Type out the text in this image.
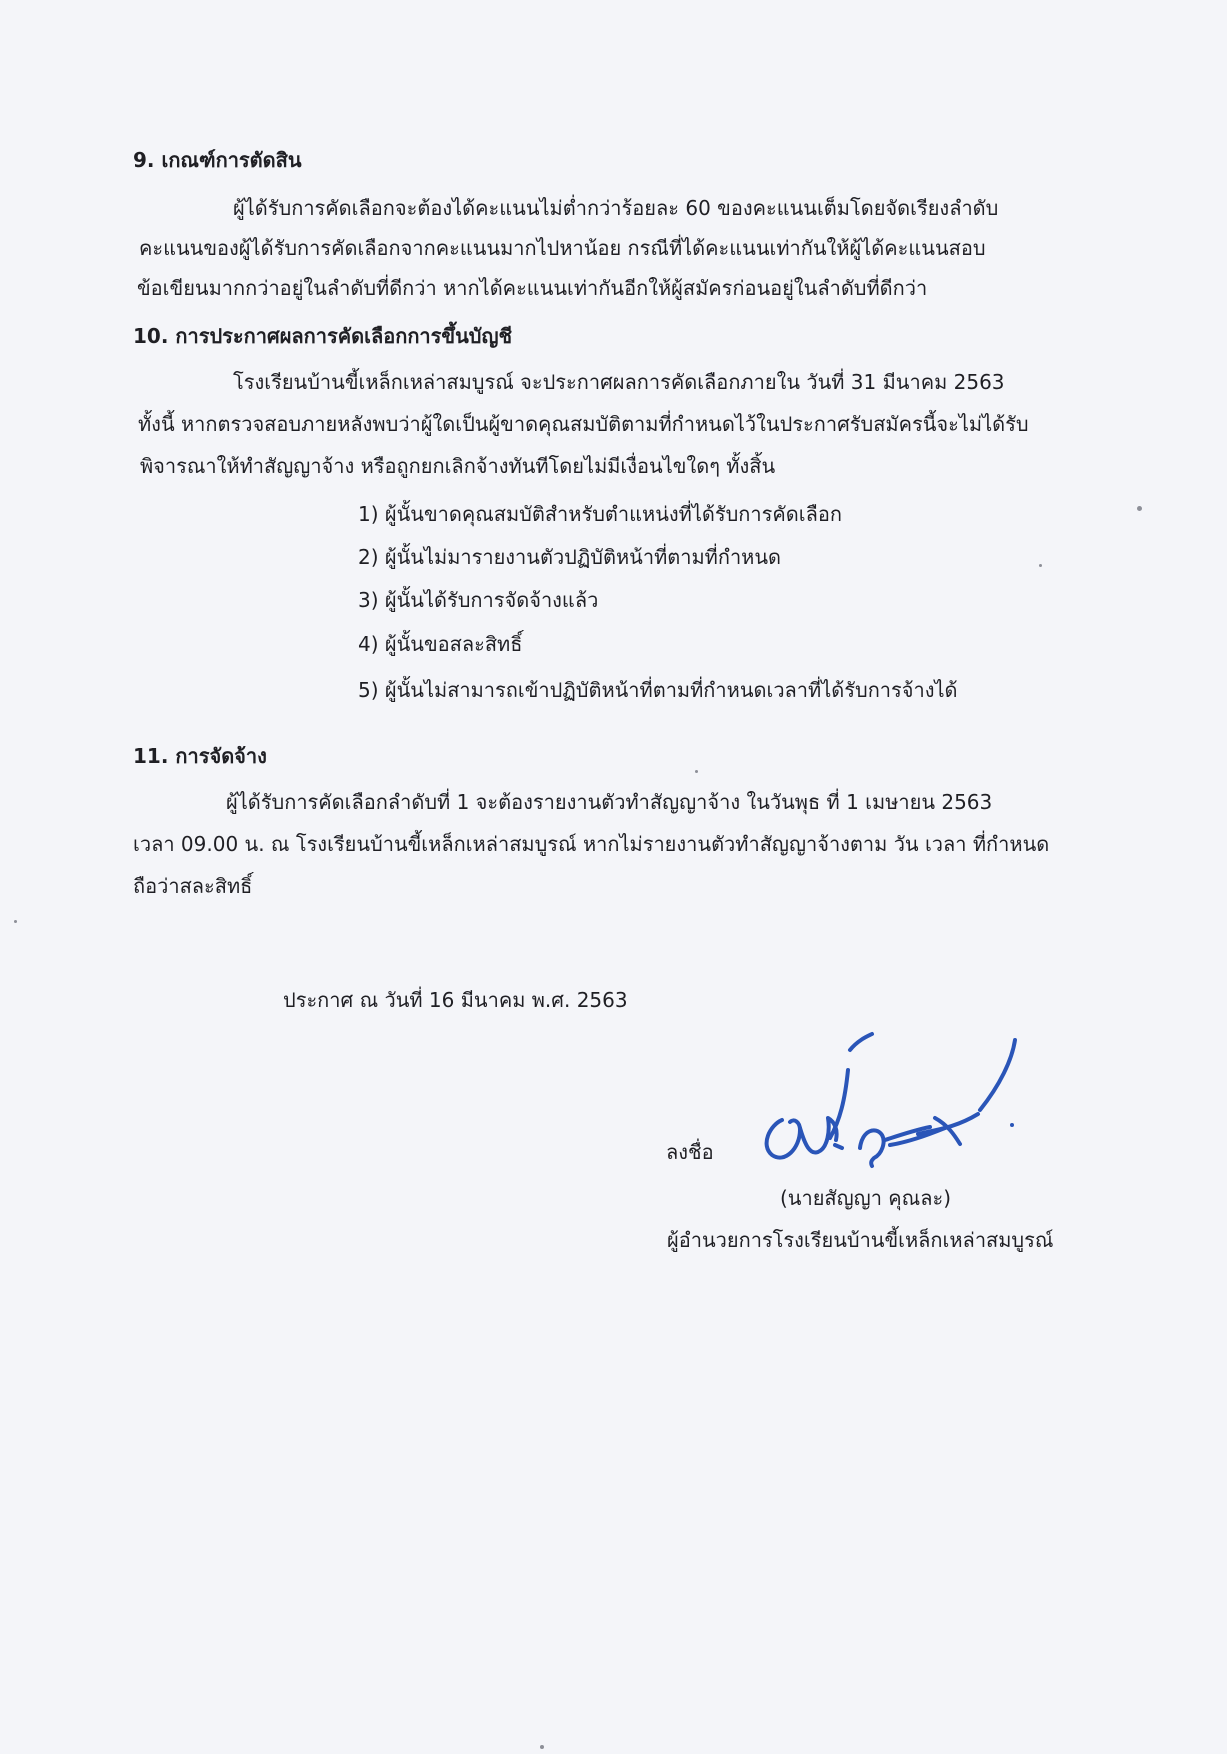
9. เกณฑ์การตัดสิน
ผู้ได้รับการคัดเลือกจะต้องได้คะแนนไม่ต่ำกว่าร้อยละ 60 ของคะแนนเต็มโดยจัดเรียงลำดับ
คะแนนของผู้ได้รับการคัดเลือกจากคะแนนมากไปหาน้อย กรณีที่ได้คะแนนเท่ากันให้ผู้ได้คะแนนสอบ
ข้อเขียนมากกว่าอยู่ในลำดับที่ดีกว่า หากได้คะแนนเท่ากันอีกให้ผู้สมัครก่อนอยู่ในลำดับที่ดีกว่า
10. การประกาศผลการคัดเลือกการขึ้นบัญชี
โรงเรียนบ้านขี้เหล็กเหล่าสมบูรณ์ จะประกาศผลการคัดเลือกภายใน วันที่ 31 มีนาคม 2563
ทั้งนี้ หากตรวจสอบภายหลังพบว่าผู้ใดเป็นผู้ขาดคุณสมบัติตามที่กำหนดไว้ในประกาศรับสมัครนี้จะไม่ได้รับ
พิจารณาให้ทำสัญญาจ้าง หรือถูกยกเลิกจ้างทันทีโดยไม่มีเงื่อนไขใดๆ ทั้งสิ้น
1) ผู้นั้นขาดคุณสมบัติสำหรับตำแหน่งที่ได้รับการคัดเลือก
2) ผู้นั้นไม่มารายงานตัวปฏิบัติหน้าที่ตามที่กำหนด
3) ผู้นั้นได้รับการจัดจ้างแล้ว
4) ผู้นั้นขอสละสิทธิ์
5) ผู้นั้นไม่สามารถเข้าปฏิบัติหน้าที่ตามที่กำหนดเวลาที่ได้รับการจ้างได้
11. การจัดจ้าง
ผู้ได้รับการคัดเลือกลำดับที่ 1 จะต้องรายงานตัวทำสัญญาจ้าง ในวันพุธ ที่ 1 เมษายน 2563
เวลา 09.00 น. ณ โรงเรียนบ้านขี้เหล็กเหล่าสมบูรณ์ หากไม่รายงานตัวทำสัญญาจ้างตาม วัน เวลา ที่กำหนด
ถือว่าสละสิทธิ์
ประกาศ ณ วันที่ 16 มีนาคม พ.ศ. 2563
ลงชื่อ
(นายสัญญา คุณละ)
ผู้อำนวยการโรงเรียนบ้านขี้เหล็กเหล่าสมบูรณ์
